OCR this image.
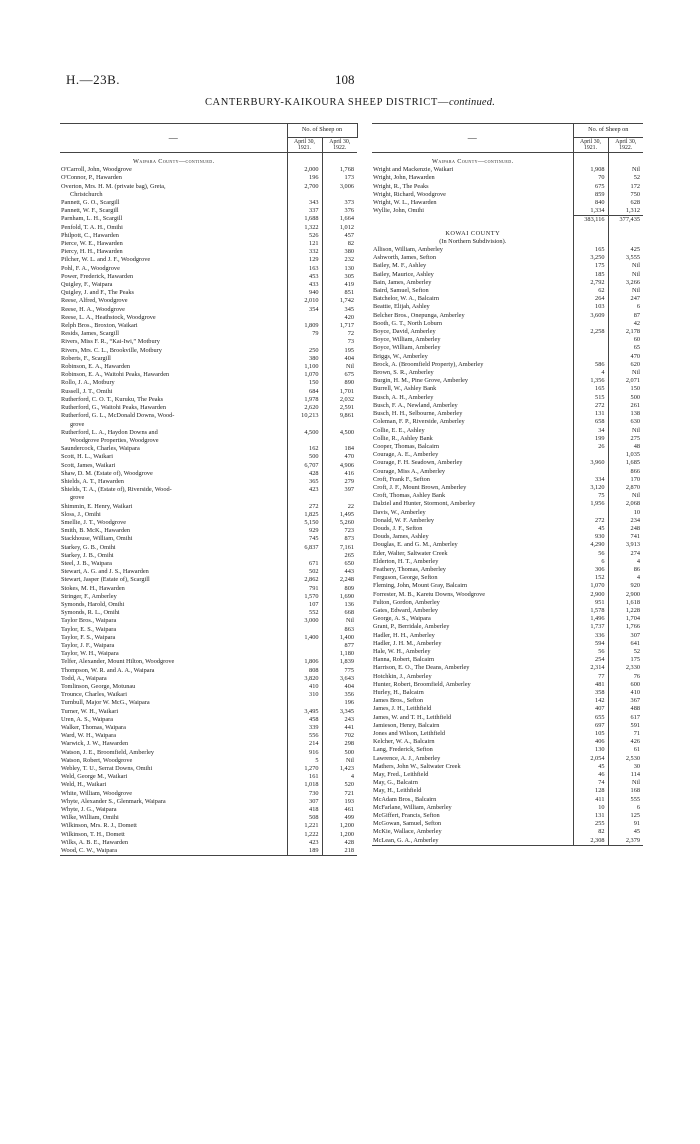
H.—23B.	108
CANTERBURY-KAIKOURA SHEEP DISTRICT—continued.
—	No. of Sheep on	
	April 30, 1921.	April 30, 1922.

Waipara County—continued.		
O'Carroll, John, Woodgrove	2,000	1,768
O'Connor, P., Hawarden	196	173
Overton, Mrs. H. M. (private bag), Greta,	2,700	3,006
Christchurch		
Pannett, G. O., Scargill	343	373
Pannett, W. F., Scargill	337	376
Parnham, L. H., Scargill	1,688	1,664
Penfold, T. A. H., Omihi	1,322	1,012
Philpott, C., Hawarden	526	457
Pierce, W. E., Hawarden	121	82
Piercy, H. H., Hawarden	332	380
Pilcher, W. L. and J. F., Woodgrove	129	232
Pohl, F. A., Woodgrove	163	130
Power, Frederick, Hawarden	453	305
Quigley, F., Waipara	433	419
Quigley, J. and F., The Peaks	940	851
Reese, Alfred, Woodgrove	2,010	1,742
Reese, H. A., Woodgrove	354	345
Reese, L. A., Heathstock, Woodgrove		420
Relph Bros., Broxton, Waikari	1,809	1,717
Resids, James, Scargill	79	72
Rivers, Miss F. R., “Kai-Iwi,” Motbury		73
Rivers, Mrs. C. L., Brookville, Motbury	250	195
Roberts, F., Scargill	380	404
Robinson, E. A., Hawarden	1,100	Nil
Robinson, E. A., Waitohi Peaks, Hawarden	1,070	675
Rollo, J. A., Motbury	150	890
Russell, J. T., Omihi	684	1,701
Rutherford, C. O. T., Kuruku, The Peaks	1,978	2,032
Rutherford, G., Waitohi Peaks, Hawarden	2,620	2,591
Rutherford, G. L., McDonald Downs, Wood-	10,213	9,861
grove		
Rutherford, L. A., Haydon Downs and	4,500	4,500
Woodgrove Properties, Woodgrove		
Saundercock, Charles, Waipara	162	184
Scott, H. L., Waikari	500	470
Scott, James, Waikari	6,707	4,906
Shaw, D. M. (Estate of), Woodgrove	428	416
Shields, A. T., Hawarden	365	279
Shields, T. A., (Estate of), Riverside, Wood-	423	397
grove		
Shimmin, E. Henry, Waikari	272	22
Sloss, J., Omihi	1,825	1,495
Smellie, J. T., Woodgrove	5,150	5,260
Smith, B. McK., Hawarden	929	723
Stackhouse, William, Omihi	745	873
Starkey, G. B., Omihi	6,837	7,161
Starkey, J. B., Omihi		265
Steel, J. B., Waipara	671	650
Stewart, A. G. and J. S., Hawarden	502	443
Stewart, Jasper (Estate of), Scargill	2,862	2,248
Stokes, M. H., Hawarden	791	809
Stringer, F., Amberley	1,570	1,690
Symonds, Harold, Omihi	107	136
Symonds, R. L., Omihi	552	668
Taylor Bros., Waipara	3,000	Nil
Taylor, E. S., Waipara		863
Taylor, F. S., Waipara	1,400	1,400
Taylor, J. F., Waipara		877
Taylor, W. H., Waipara		1,180
Telfer, Alexander, Mount Hilton, Woodgrove	1,806	1,839
Thompson, W. R. and A. A., Waipara	808	775
Todd, A., Waipara	3,820	3,643
Tomlinson, George, Motunau	410	404
Trounce, Charles, Waikari	310	356
Turnbull, Major W. McG., Waipara		196
Turner, W. H., Waikari	3,495	3,345
Uren, A. S., Waipara	458	243
Walker, Thomas, Waipara	339	441
Ward, W. H., Waipara	556	702
Warwick, J. W., Hawarden	214	298
Watson, J. E., Broomfield, Amberley	916	500
Watson, Robert, Woodgrove	5	Nil
Webley, T. U., Serrat Downs, Omihi	1,270	1,423
Weld, George M., Waikari	161	4
Weld, H., Waikari	1,018	520
White, William, Woodgrove	730	721
Whyte, Alexander S., Glenmark, Waipara	307	193
Whyte, J. G., Waipara	418	461
Wilke, William, Omihi	508	499
Wilkinson, Mrs. R. J., Domett	1,221	1,200
Wilkinson, T. H., Domett	1,222	1,200
Wilks, A. B. E., Hawarden	423	428
Wood, C. W., Waipara	189	218
—	No. of Sheep on	
	April 30, 1921.	April 30, 1922.

Waipara County—continued.		
Wright and Mackenzie, Waikari	1,908	Nil
Wright, John, Hawarden	70	52
Wright, R., The Peaks	675	172
Wright, Richard, Woodgrove	859	750
Wright, W. L., Hawarden	840	628
Wyllie, John, Omihi	1,334	1,312
	383,116	377,435

KOWAI COUNTY		
(In Northern Subdivision).		
Allison, William, Amberley	165	425
Ashworth, James, Sefton	3,250	3,555
Bailey, M. F., Ashley	175	Nil
Bailey, Maurice, Ashley	185	Nil
Bain, James, Amberley	2,792	3,266
Baird, Samuel, Sefton	62	Nil
Batchelor, W. A., Balcairn	264	247
Beattie, Elijah, Ashley	103	6
Belcher Bros., Onepunga, Amberley	3,609	87
Booth, G. T., North Loburn		42
Boyce, David, Amberley	2,258	2,178
Boyce, William, Amberley		60
Boyce, William, Amberley		65
Briggs, W., Amberley		470
Brock, A. (Broomfield Property), Amberley	586	620
Brown, S. R., Amberley	4	Nil
Burgin, H. M., Pine Grove, Amberley	1,356	2,071
Burrell, W., Ashley Bank	165	150
Busch, A. H., Amberley	515	500
Busch, F. A., Newland, Amberley	272	261
Busch, H. H., Selbourne, Amberley	131	138
Coleman, F. P., Riverside, Amberley	658	630
Collie, E. E., Ashley	34	Nil
Collie, R., Ashley Bank	199	275
Cooper, Thomas, Balcairn	26	48
Courage, A. E., Amberley		1,035
Courage, F. H. Seadown, Amberley	3,960	1,685
Courage, Miss A., Amberley		866
Croft, Frank F., Sefton	334	170
Croft, J. F., Mount Brown, Amberley	3,120	2,870
Croft, Thomas, Ashley Bank	75	Nil
Dalziel and Hunter, Stormont, Amberley	1,956	2,068
Davis, W., Amberley		10
Donald, W. F. Amberley	272	234
Douds, J. F., Sefton	45	248
Douds, James, Ashley	930	741
Douglas, E. and G. M., Amberley	4,290	3,913
Eder, Walter, Saltwater Creek	56	274
Elderton, H. T., Amberley	6	4
Feathery, Thomas, Amberley	306	86
Ferguson, George, Sefton	152	4
Fleming, John, Mount Gray, Balcairn	1,070	920
Forrester, M. B., Karetu Downs, Woodgrove	2,900	2,900
Fulton, Gordon, Amberley	951	1,618
Gates, Edward, Amberley	1,578	1,228
George, A. S., Waipara	1,496	1,704
Grant, P., Berridale, Amberley	1,737	1,766
Hadler, H. H., Amberley	336	307
Hadler, J. H. M., Amberley	594	641
Hale, W. H., Amberley	56	52
Hanna, Robert, Balcairn	254	175
Harrison, E. O., The Deans, Amberley	2,314	2,330
Hotchkin, J., Amberley	77	76
Hunter, Robert, Broomfield, Amberley	481	600
Hurley, H., Balcairn	358	410
James Bros., Sefton	142	367
James, J. H., Leithfield	407	488
James, W. and T. H., Leithfield	655	617
Jamieson, Henry, Balcairn	697	591
Jones and Wilson, Leithfield	105	71
Kelcher, W. A., Balcairn	406	426
Lang, Frederick, Sefton	130	61
Lawrence, A. J., Amberley	2,054	2,530
Mathers, John W., Saltwater Creek	45	30
May, Fred., Leithfield	46	114
May, G., Balcairn	74	Nil
May, H., Leithfield	128	168
McAdam Bros., Balcairn	411	555
McFarlane, William, Amberley	10	6
McGiffert, Francis, Sefton	131	125
McGowan, Samuel, Sefton	255	91
McKie, Wallace, Amberley	82	45
McLean, G. A., Amberley	2,308	2,379
